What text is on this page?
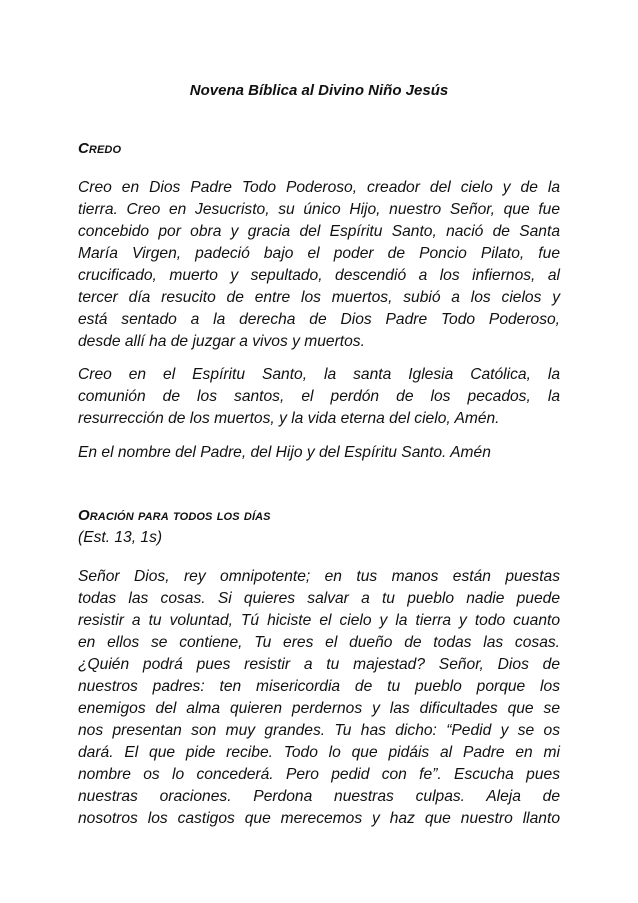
Novena Bíblica al Divino Niño Jesús
Credo
Creo en Dios Padre Todo Poderoso, creador del cielo y de la
tierra. Creo en Jesucristo, su único Hijo, nuestro Señor, que fue
concebido por obra y gracia del Espíritu Santo, nació de Santa
María Virgen, padeció bajo el poder de Poncio Pilato, fue
crucificado, muerto y sepultado, descendió a los infiernos, al
tercer día resucito de entre los muertos, subió a los cielos y
está sentado a la derecha de Dios Padre Todo Poderoso,
desde allí ha de juzgar a vivos y muertos.
Creo en el Espíritu Santo, la santa Iglesia Católica, la
comunión de los santos, el perdón de los pecados, la
resurrección de los muertos, y la vida eterna del cielo, Amén.
En el nombre del Padre, del Hijo y del Espíritu Santo. Amén
Oración para todos los días
(Est. 13, 1s)
Señor Dios, rey omnipotente; en tus manos están puestas
todas las cosas. Si quieres salvar a tu pueblo nadie puede
resistir a tu voluntad, Tú hiciste el cielo y la tierra y todo cuanto
en ellos se contiene, Tu eres el dueño de todas las cosas.
¿Quién podrá pues resistir a tu majestad? Señor, Dios de
nuestros padres: ten misericordia de tu pueblo porque los
enemigos del alma quieren perdernos y las dificultades que se
nos presentan son muy grandes. Tu has dicho: “Pedid y se os
dará. El que pide recibe. Todo lo que pidáis al Padre en mi
nombre os lo concederá. Pero pedid con fe”. Escucha pues
nuestras oraciones. Perdona nuestras culpas. Aleja de
nosotros los castigos que merecemos y haz que nuestro llanto
